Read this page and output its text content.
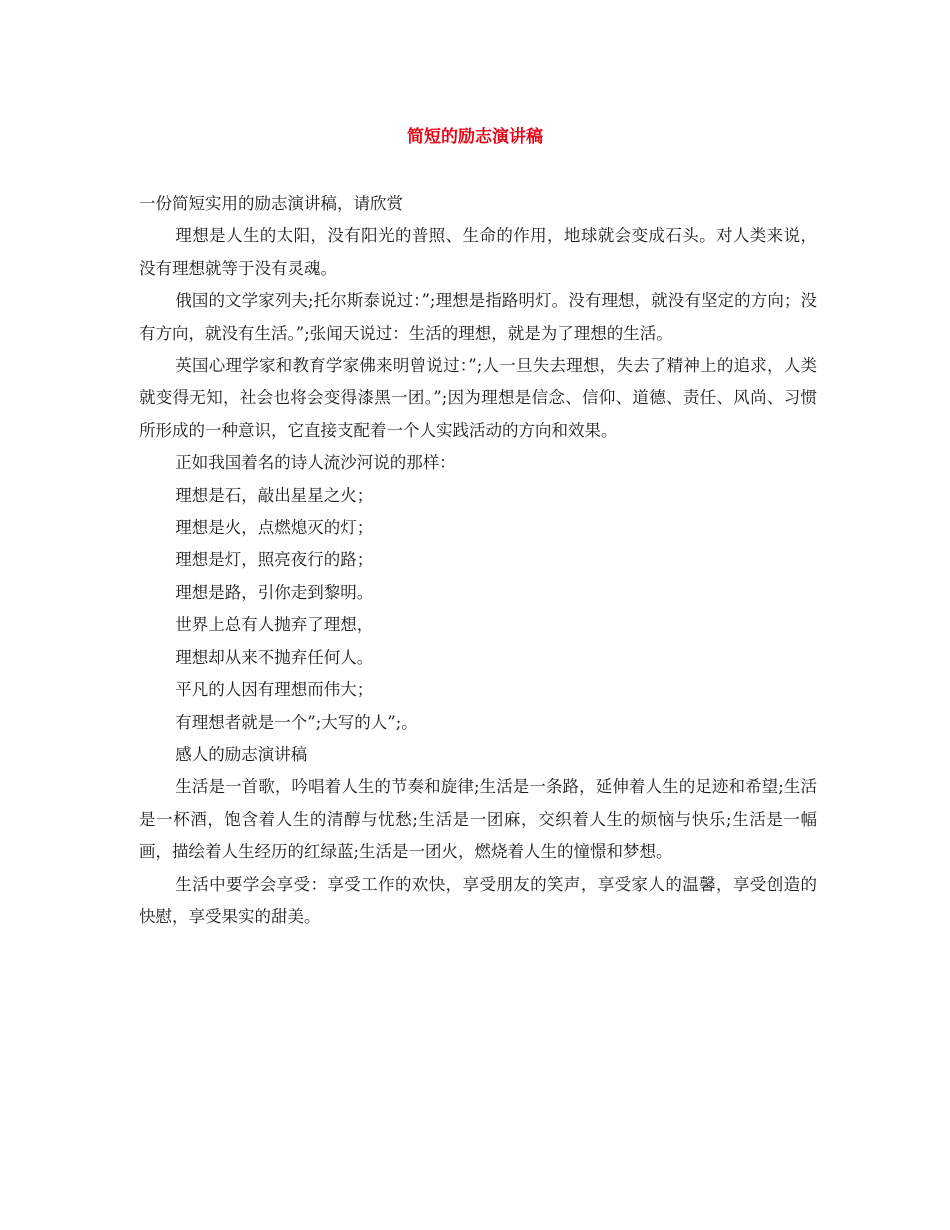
简短的励志演讲稿

一份简短实用的励志演讲稿，请欣赏

理想是人生的太阳，没有阳光的普照、生命的作用，地球就会变成石头。对人类来说，没有理想就等于没有灵魂。

俄国的文学家列夫;托尔斯泰说过：”;理想是指路明灯。没有理想，就没有坚定的方向；没有方向，就没有生活。”;张闻天说过：生活的理想，就是为了理想的生活。

英国心理学家和教育学家佛来明曾说过：”;人一旦失去理想，失去了精神上的追求，人类就变得无知，社会也将会变得漆黑一团。”;因为理想是信念、信仰、道德、责任、风尚、习惯所形成的一种意识，它直接支配着一个人实践活动的方向和效果。

正如我国着名的诗人流沙河说的那样：

理想是石，敲出星星之火；

理想是火，点燃熄灭的灯；

理想是灯，照亮夜行的路；

理想是路，引你走到黎明。

世界上总有人抛弃了理想，

理想却从来不抛弃任何人。

平凡的人因有理想而伟大；

有理想者就是一个”;大写的人”;。

感人的励志演讲稿

生活是一首歌，吟唱着人生的节奏和旋律;生活是一条路，延伸着人生的足迹和希望;生活是一杯酒，饱含着人生的清醇与忧愁;生活是一团麻，交织着人生的烦恼与快乐;生活是一幅画，描绘着人生经历的红绿蓝;生活是一团火，燃烧着人生的憧憬和梦想。

生活中要学会享受：享受工作的欢快，享受朋友的笑声，享受家人的温馨，享受创造的快慰，享受果实的甜美。
